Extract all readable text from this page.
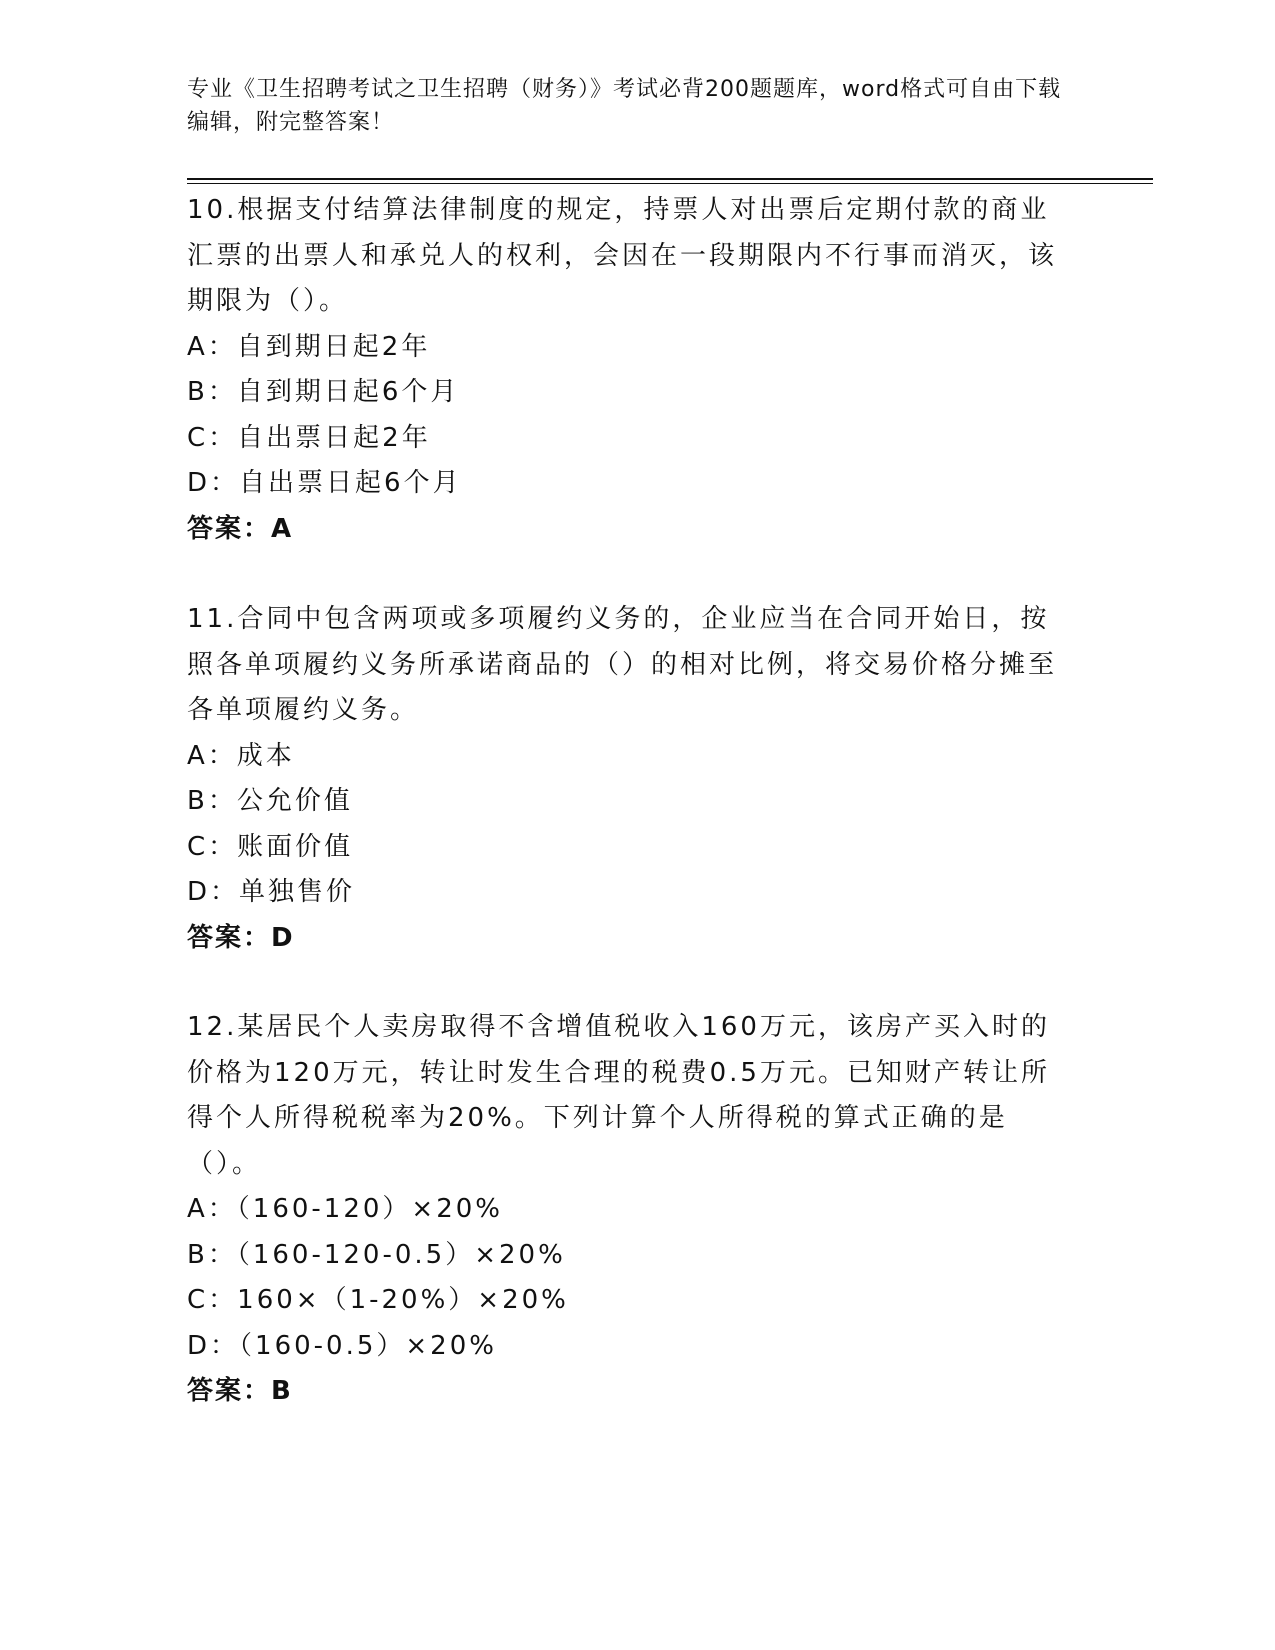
专业《卫生招聘考试之卫生招聘（财务）》考试必背200题题库，word格式可自由下载编辑，附完整答案！

10.根据支付结算法律制度的规定，持票人对出票后定期付款的商业汇票的出票人和承兑人的权利，会因在一段期限内不行事而消灭，该期限为（）。

A：自到期日起2年

B：自到期日起6个月

C：自出票日起2年

D：自出票日起6个月

答案：A

11.合同中包含两项或多项履约义务的，企业应当在合同开始日，按照各单项履约义务所承诺商品的（）的相对比例，将交易价格分摊至各单项履约义务。

A：成本

B：公允价值

C：账面价值

D：单独售价

答案：D

12.某居民个人卖房取得不含增值税收入160万元，该房产买入时的价格为120万元，转让时发生合理的税费0.5万元。已知财产转让所得个人所得税税率为20%。下列计算个人所得税的算式正确的是（）。

A：（160-120）×20%

B：（160-120-0.5）×20%

C：160×（1-20%）×20%

D：（160-0.5）×20%

答案：B
